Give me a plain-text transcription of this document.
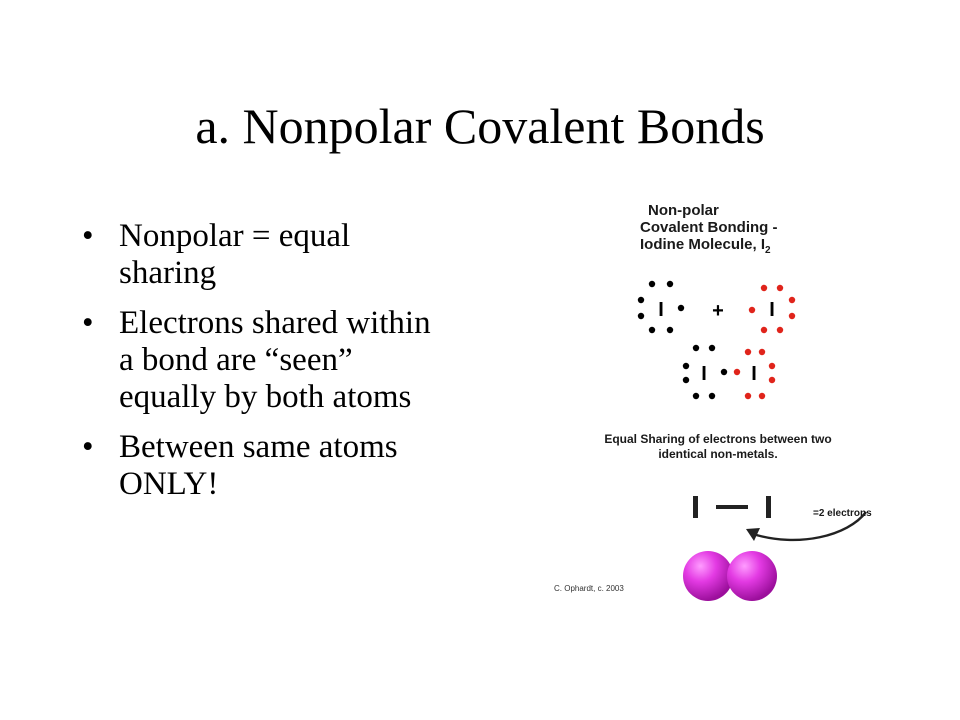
a. Nonpolar Covalent Bonds
• Nonpolar = equal sharing
• Electrons shared within a bond are “seen” equally by both atoms
• Between same atoms ONLY!
I + I
I I
Non-polar
Covalent Bonding -
Iodine Molecule, $I_2$
Equal Sharing of electrons between two
identical non-metals.
=2 electrons
C. Ophardt, c. 2003
